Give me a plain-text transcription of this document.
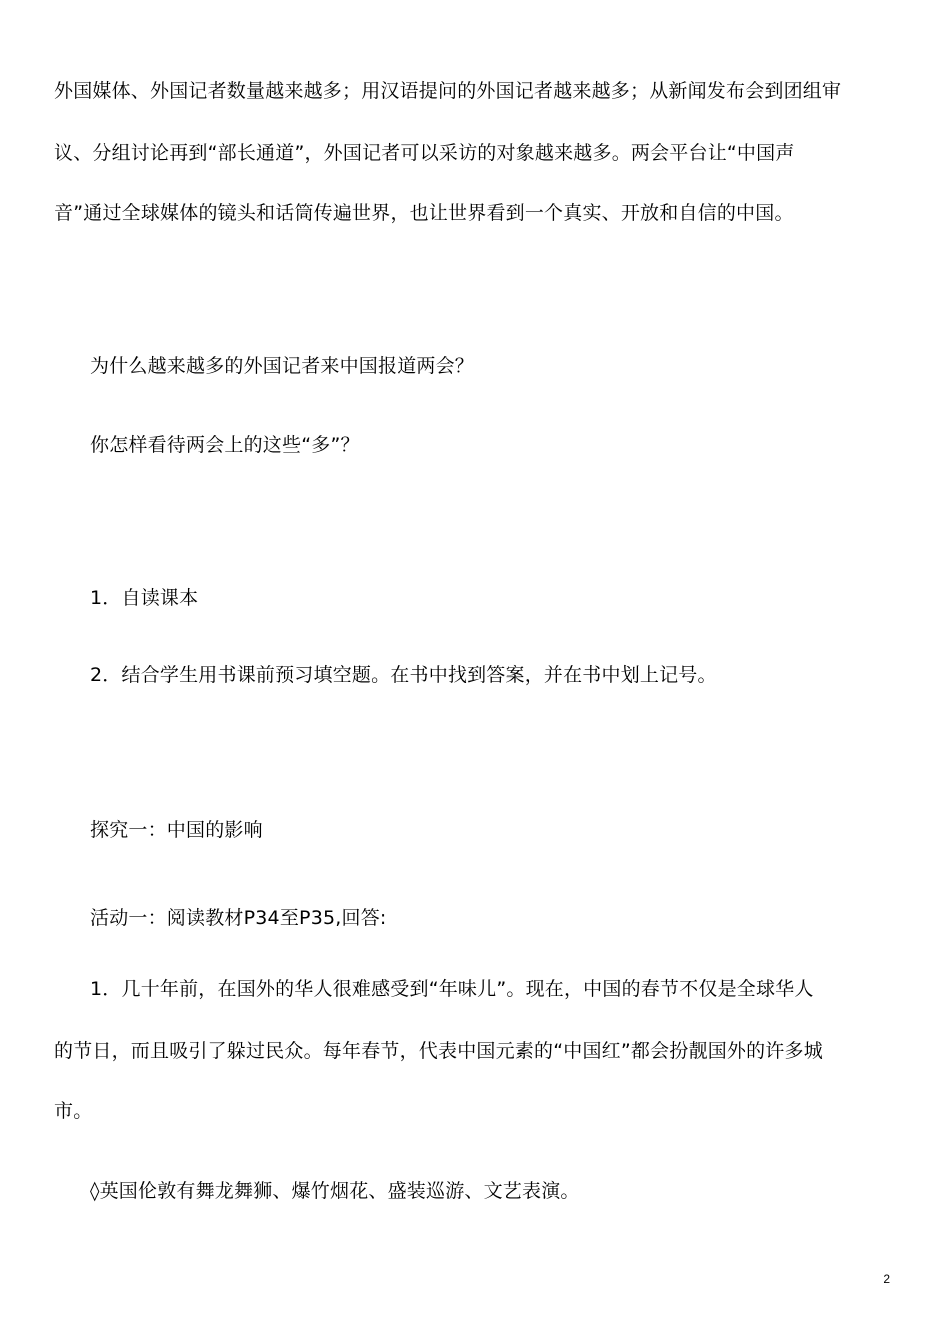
外国媒体、外国记者数量越来越多；用汉语提问的外国记者越来越多；从新闻发布会到团组审
议、分组讨论再到“部长通道”，外国记者可以采访的对象越来越多。两会平台让“中国声
音”通过全球媒体的镜头和话筒传遍世界，也让世界看到一个真实、开放和自信的中国。
为什么越来越多的外国记者来中国报道两会？
你怎样看待两会上的这些“多”？
1．自读课本
2．结合学生用书课前预习填空题。在书中找到答案，并在书中划上记号。
探究一：中国的影响
活动一：阅读教材P34至P35,回答:
1．几十年前，在国外的华人很难感受到“年味儿”。现在，中国的春节不仅是全球华人
的节日，而且吸引了躲过民众。每年春节，代表中国元素的“中国红”都会扮靓国外的许多城
市。
◊英国伦敦有舞龙舞狮、爆竹烟花、盛装巡游、文艺表演。
2
